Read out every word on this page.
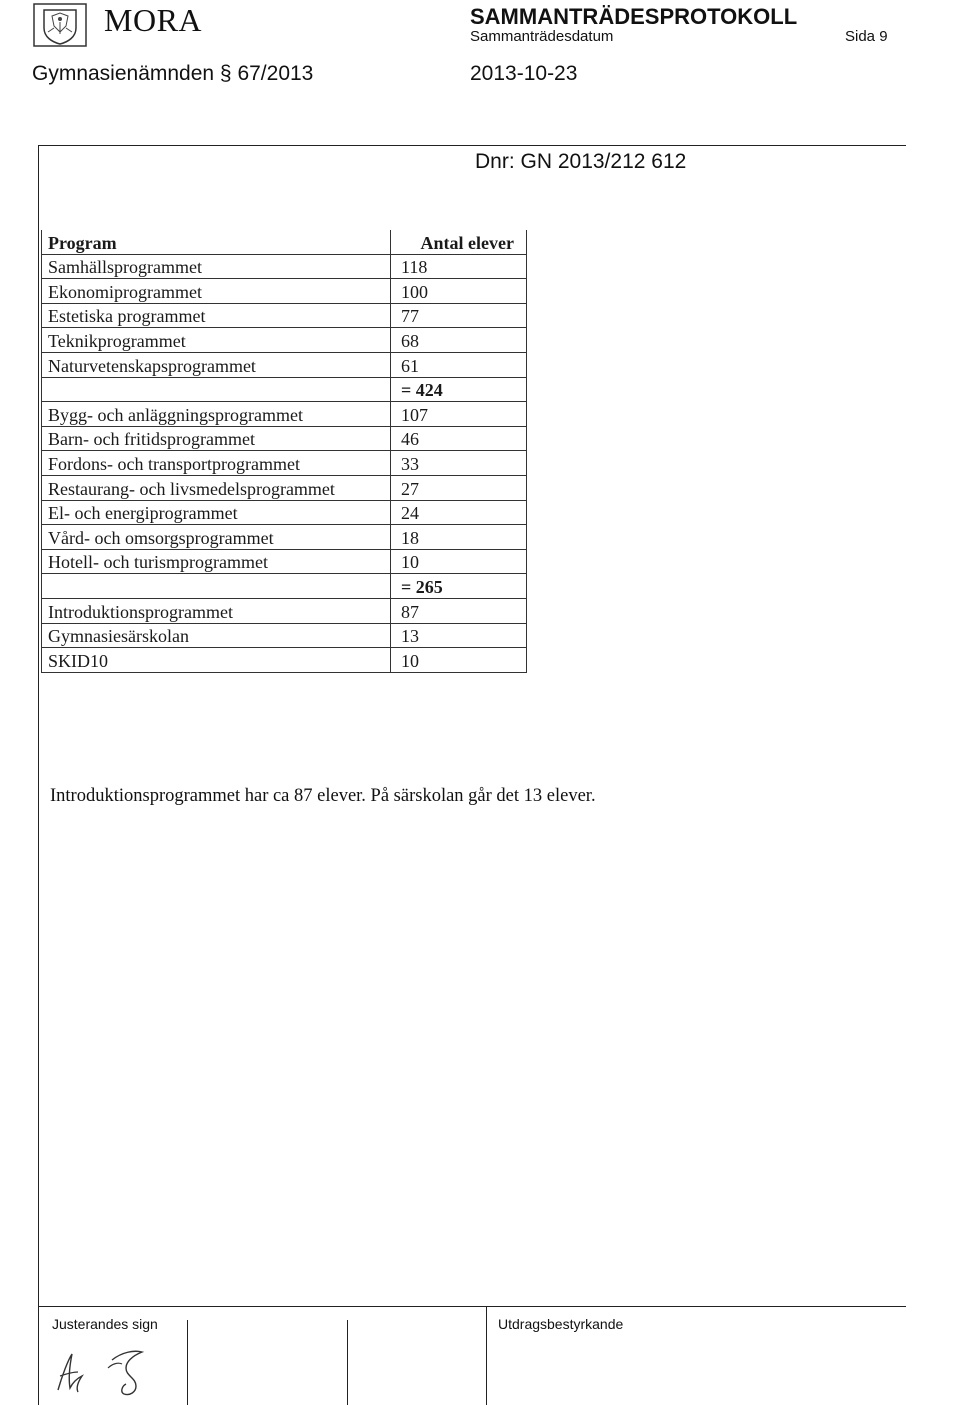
MORA	SAMMANTRÄDESPROTOKOLL
Sammanträdesdatum	Sida 9
Gymnasienämnden § 67/2013	2013-10-23
Dnr: GN 2013/212 612
Program	Antal elever
Samhällsprogrammet	118
Ekonomiprogrammet	100
Estetiska programmet	77
Teknikprogrammet	68
Naturvetenskapsprogrammet	61
	= 424
Bygg- och anläggningsprogrammet	107
Barn- och fritidsprogrammet	46
Fordons- och transportprogrammet	33
Restaurang- och livsmedelsprogrammet	27
El- och energiprogrammet	24
Vård- och omsorgsprogrammet	18
Hotell- och turismprogrammet	10
	= 265
Introduktionsprogrammet	87
Gymnasiesärskolan	13
SKID10	10
Introduktionsprogrammet har ca 87 elever. På särskolan går det 13 elever.
Justerandes sign	Utdragsbestyrkande
